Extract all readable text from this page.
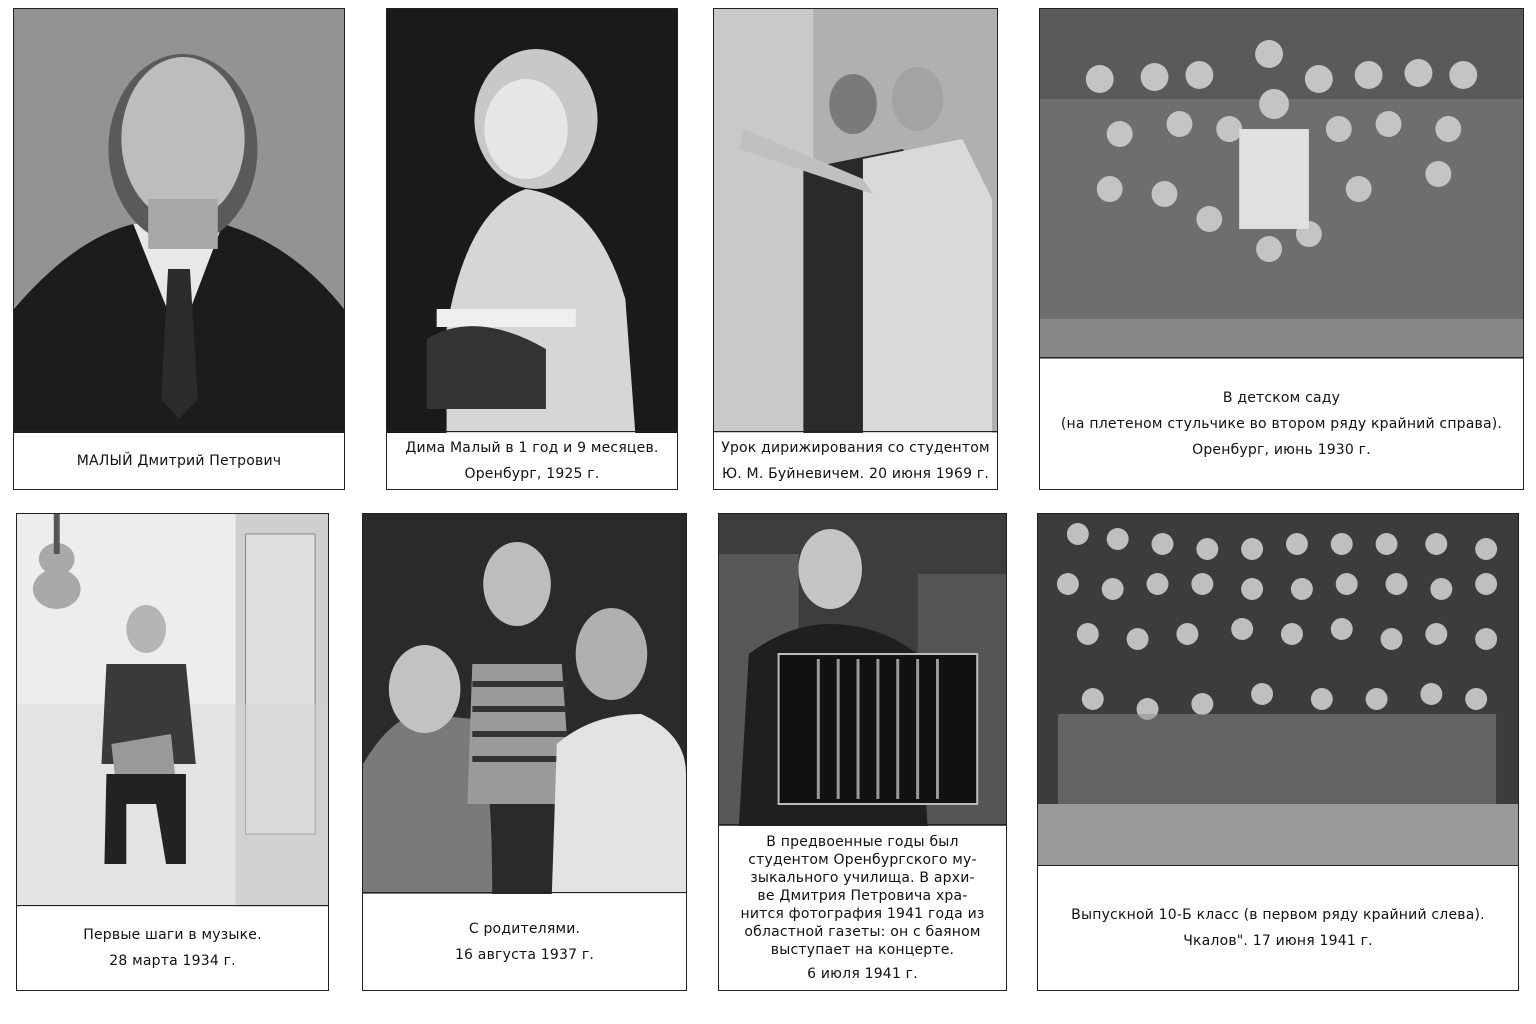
МАЛЫЙ Дмитрий Петрович

Дима Малый в 1 год и 9 месяцев.

Оренбург, 1925 г.

Урок дирижирования со студентом

Ю. М. Буйневичем. 20 июня 1969 г.

В детском саду

(на плетеном стульчике во втором ряду крайний справа).

Оренбург, июнь 1930 г.

Первые шаги в музыке.

28 марта 1934 г.

С родителями.

16 августа 1937 г.

В предвоенные годы был

студентом Оренбургского му-

зыкального училища. В архи-

ве Дмитрия Петровича хра-

нится фотография 1941 года из

областной газеты: он с баяном

выступает на концерте.

6 июля 1941 г.

Выпускной 10-Б класс (в первом ряду крайний слева).

Чкалов". 17 июня 1941 г.
